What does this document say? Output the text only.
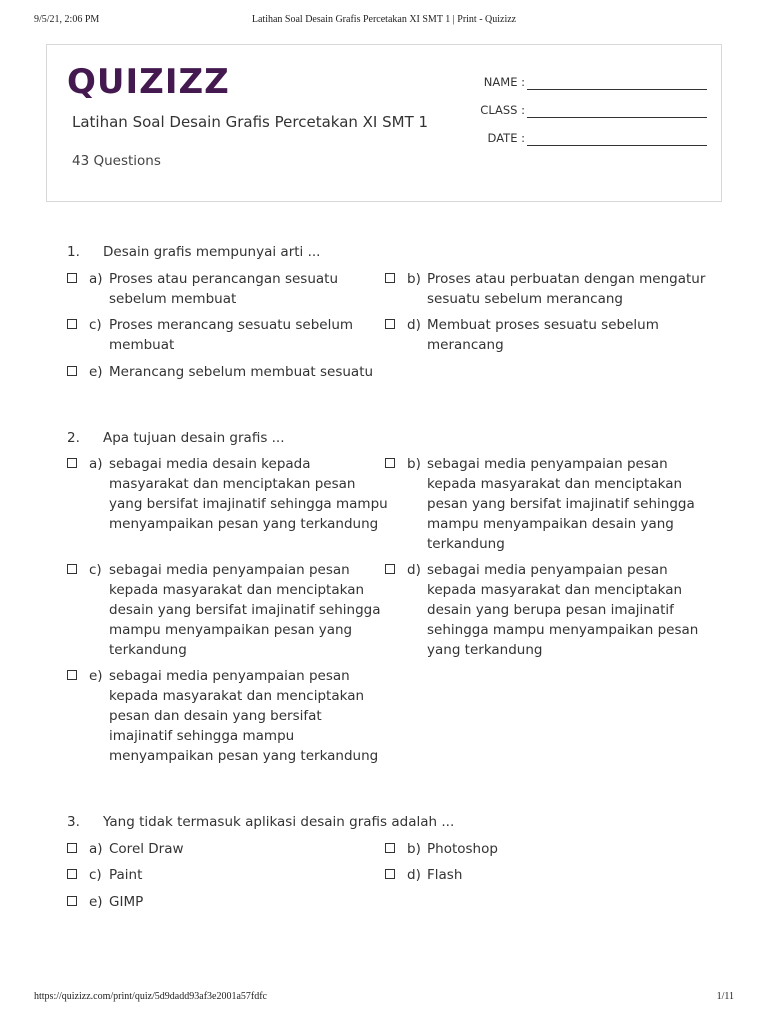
9/5/21, 2:06 PM	Latihan Soal Desain Grafis Percetakan XI SMT 1 | Print - Quizizz
QUIZIZZ
Latihan Soal Desain Grafis Percetakan XI SMT 1
43 Questions
NAME :
CLASS :
DATE :
1. Desain grafis mempunyai arti ...
a) Proses atau perancangan sesuatu sebelum membuat
b) Proses atau perbuatan dengan mengatur sesuatu sebelum merancang
c) Proses merancang sesuatu sebelum membuat
d) Membuat proses sesuatu sebelum merancang
e) Merancang sebelum membuat sesuatu
2. Apa tujuan desain grafis ...
a) sebagai media desain kepada masyarakat dan menciptakan pesan yang bersifat imajinatif sehingga mampu menyampaikan pesan yang terkandung
b) sebagai media penyampaian pesan kepada masyarakat dan menciptakan pesan yang bersifat imajinatif sehingga mampu menyampaikan desain yang terkandung
c) sebagai media penyampaian pesan kepada masyarakat dan menciptakan desain yang bersifat imajinatif sehingga mampu menyampaikan pesan yang terkandung
d) sebagai media penyampaian pesan kepada masyarakat dan menciptakan desain yang berupa pesan imajinatif sehingga mampu menyampaikan pesan yang terkandung
e) sebagai media penyampaian pesan kepada masyarakat dan menciptakan pesan dan desain yang bersifat imajinatif sehingga mampu menyampaikan pesan yang terkandung
3. Yang tidak termasuk aplikasi desain grafis adalah ...
a) Corel Draw	b) Photoshop
c) Paint	d) Flash
e) GIMP
https://quizizz.com/print/quiz/5d9dadd93af3e2001a57fdfc	1/11
